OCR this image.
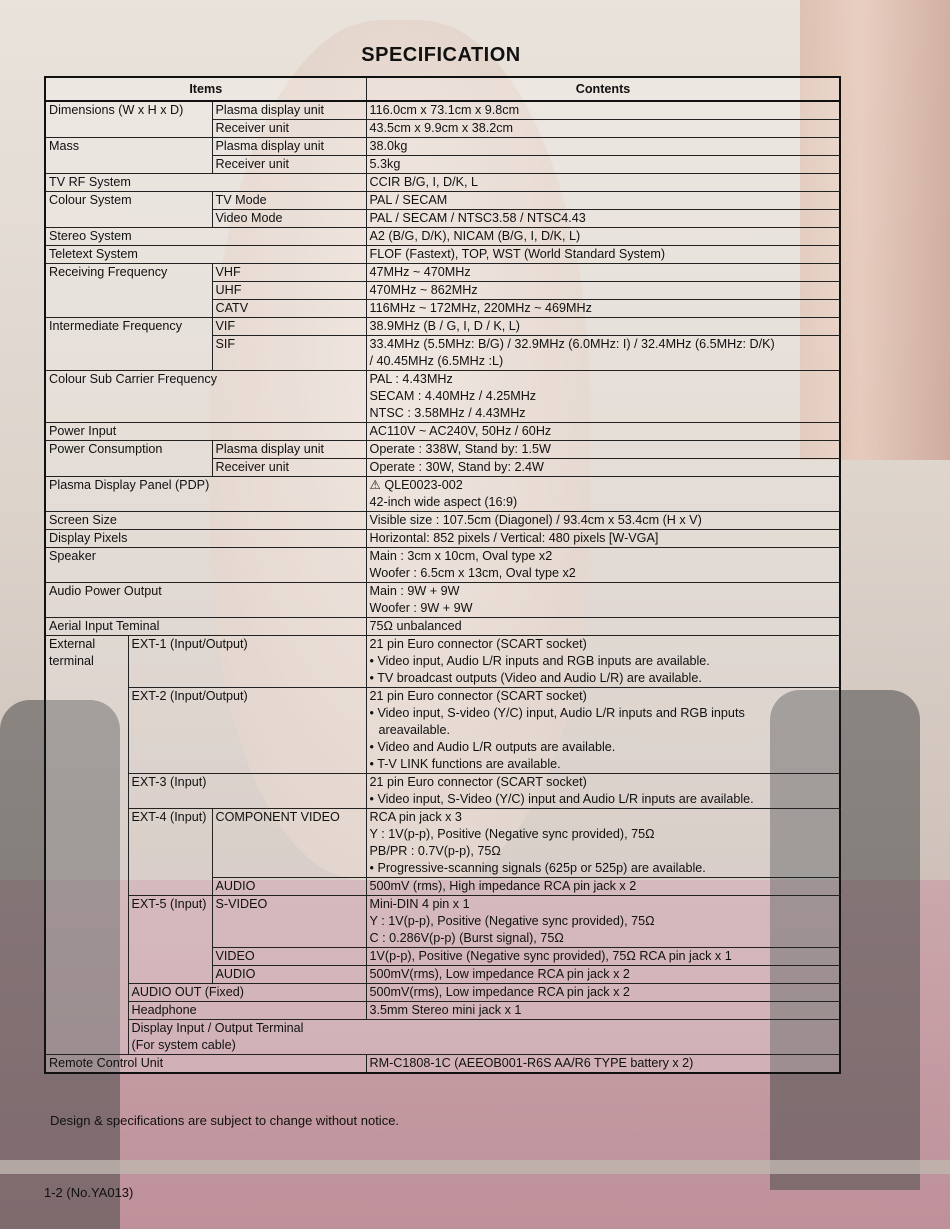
SPECIFICATION
Items			Contents	
Dimensions (W x H x D)		Plasma display unit	116.0cm x 73.1cm x 9.8cm	
		Receiver unit	43.5cm x 9.9cm x 38.2cm	
Mass		Plasma display unit	38.0kg	
		Receiver unit	5.3kg	
TV RF System			CCIR B/G, I, D/K, L	
Colour System		TV Mode	PAL / SECAM	
		Video Mode	PAL / SECAM / NTSC3.58 / NTSC4.43	
Stereo System			A2 (B/G, D/K), NICAM (B/G, I, D/K, L)	
Teletext System			FLOF (Fastext), TOP, WST (World Standard System)	
Receiving Frequency		VHF	47MHz ~ 470MHz	
		UHF	470MHz ~ 862MHz	
		CATV	116MHz ~ 172MHz, 220MHz ~ 469MHz	
Intermediate Frequency		VIF	38.9MHz (B / G, I, D / K, L)	
		SIF	33.4MHz (5.5MHz: B/G) / 32.9MHz (6.0MHz: I) / 32.4MHz (6.5MHz: D/K)
/ 40.45MHz (6.5MHz :L)	

Colour Sub Carrier Frequency			PAL : 4.43MHz
SECAM : 4.40MHz / 4.25MHz
NTSC : 3.58MHz / 4.43MHz	

Power Input			AC110V ~ AC240V, 50Hz / 60Hz	
Power Consumption		Plasma display unit	Operate : 338W, Stand by: 1.5W	
		Receiver unit	Operate : 30W, Stand by: 2.4W	
Plasma Display Panel (PDP)			⚠ QLE0023-002
42-inch wide aspect (16:9)	

Screen Size			Visible size : 107.5cm (Diagonel) / 93.4cm x 53.4cm (H x V)	
Display Pixels			Horizontal: 852 pixels / Vertical: 480 pixels [W-VGA]	
Speaker			Main : 3cm x 10cm, Oval type x2
Woofer : 6.5cm x 13cm, Oval type x2	

Audio Power Output			Main : 9W + 9W
Woofer : 9W + 9W	

Aerial Input Teminal			75Ω unbalanced	

External
terminal	EXT-1 (Input/Output)		21 pin Euro connector (SCART socket)
• Video input, Audio L/R inputs and RGB inputs are available.
• TV broadcast outputs (Video and Audio L/R) are available.	

	EXT-2 (Input/Output)		21 pin Euro connector (SCART socket)
• Video input, S-video (Y/C) input, Audio L/R inputs and RGB inputs
areavailable.
• Video and Audio L/R outputs are available.
• T-V LINK functions are available.	

	EXT-3 (Input)		21 pin Euro connector (SCART socket)
• Video input, S-Video (Y/C) input and Audio L/R inputs are available.	

	EXT-4 (Input)	COMPONENT VIDEO	RCA pin jack x 3
Y : 1V(p-p), Positive (Negative sync provided), 75Ω
PB/PR : 0.7V(p-p), 75Ω
• Progressive-scanning signals (625p or 525p) are available.	

		AUDIO	500mV (rms), High impedance RCA pin jack x 2	
	EXT-5 (Input)	S-VIDEO	Mini-DIN 4 pin x 1
Y : 1V(p-p), Positive (Negative sync provided), 75Ω
C : 0.286V(p-p) (Burst signal), 75Ω	

		VIDEO	1V(p-p), Positive (Negative sync provided), 75Ω RCA pin jack x 1	
		AUDIO	500mV(rms), Low impedance RCA pin jack x 2	
	AUDIO OUT (Fixed)		500mV(rms), Low impedance RCA pin jack x 2	
	Headphone		3.5mm Stereo mini jack x 1	

	Display Input / Output Terminal
(For system cable)

Remote Control Unit			RM-C1808-1C (AEEOB001-R6S AA/R6 TYPE battery x 2)	
Design & specifications are subject to change without notice.
1-2 (No.YA013)
